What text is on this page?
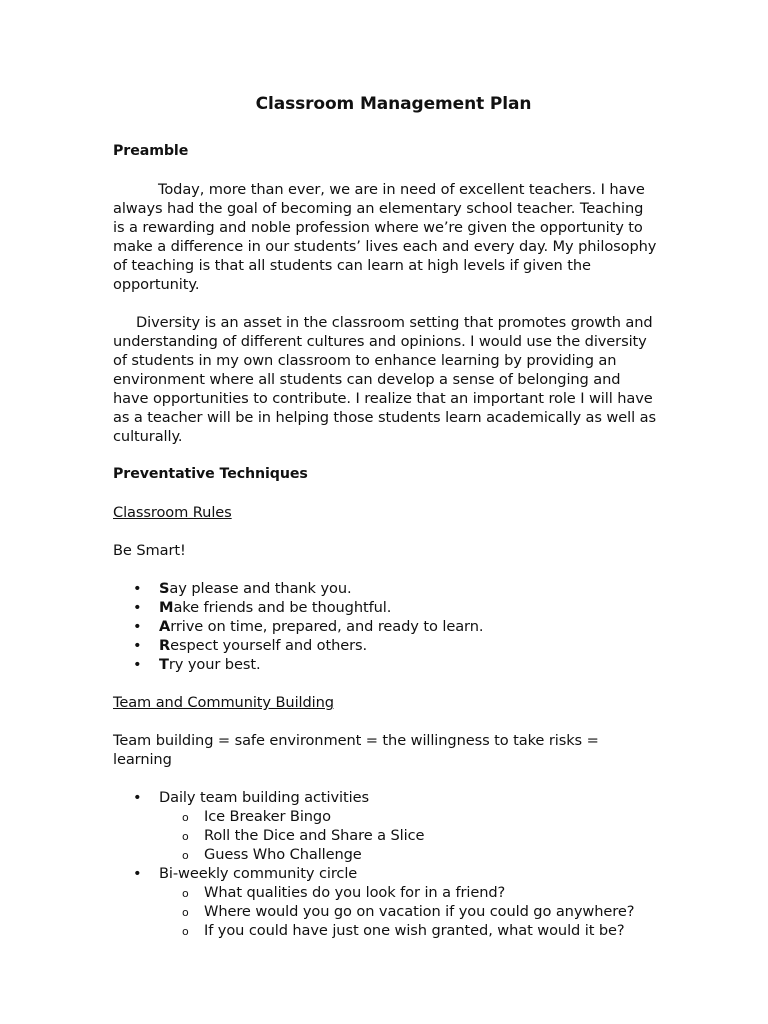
Classroom Management Plan
Preamble

Today, more than ever, we are in need of excellent teachers. I have always had the goal of becoming an elementary school teacher. Teaching is a rewarding and noble profession where we’re given the opportunity to make a difference in our students’ lives each and every day. My philosophy of teaching is that all students can learn at high levels if given the opportunity.

Diversity is an asset in the classroom setting that promotes growth and understanding of different cultures and opinions. I would use the diversity of students in my own classroom to enhance learning by providing an environment where all students can develop a sense of belonging and have opportunities to contribute. I realize that an important role I will have as a teacher will be in helping those students learn academically as well as culturally.

Preventative Techniques
Classroom Rules

Be Smart!

• Say please and thank you.
• Make friends and be thoughtful.
• Arrive on time, prepared, and ready to learn.
• Respect yourself and others.
• Try your best.
Team and Community Building

Team building = safe environment = the willingness to take risks = learning

• Daily team building activities
o Ice Breaker Bingo
o Roll the Dice and Share a Slice
o Guess Who Challenge
• Bi-weekly community circle
o What qualities do you look for in a friend?
o Where would you go on vacation if you could go anywhere?
o If you could have just one wish granted, what would it be?
